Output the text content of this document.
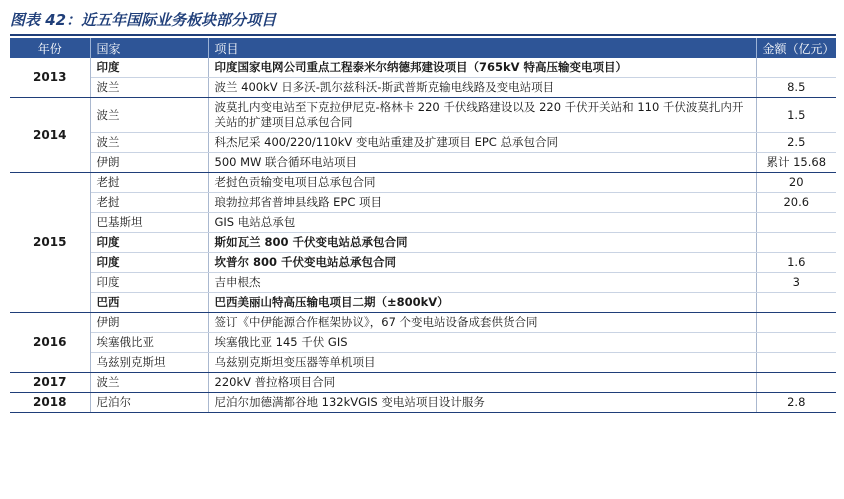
图表 42：近五年国际业务板块部分项目
年份	国家	项目	金额（亿元）
2013	印度	印度国家电网公司重点工程泰米尔纳德邦建设项目（765kV 特高压输变电项目）	
	波兰	波兰 400kV 日多沃-凯尔兹科沃-斯武普斯克输电线路及变电站项目	8.5
2014	波兰	波莫扎内变电站至下克拉伊尼克-格林卡 220 千伏线路建设以及 220 千伏开关站和 110 千伏波莫扎内开关站的扩建项目总承包合同	1.5
	波兰	科杰尼采 400/220/110kV 变电站重建及扩建项目 EPC 总承包合同	2.5
	伊朗	500 MW 联合循环电站项目	累计 15.68
2015	老挝	老挝色贡输变电项目总承包合同	20
	老挝	琅勃拉邦省普坤县线路 EPC 项目	20.6
	巴基斯坦	GIS 电站总承包	
	印度	斯如瓦兰 800 千伏变电站总承包合同	
	印度	坎普尔 800 千伏变电站总承包合同	1.6
	印度	吉申根杰	3
	巴西	巴西美丽山特高压输电项目二期（±800kV）	
2016	伊朗	签订《中伊能源合作框架协议》，67 个变电站设备成套供货合同	
	埃塞俄比亚	埃塞俄比亚 145 千伏 GIS	
	乌兹别克斯坦	乌兹别克斯坦变压器等单机项目	
2017	波兰	220kV 普拉格项目合同	
2018	尼泊尔	尼泊尔加德满都谷地 132kVGIS 变电站项目设计服务	2.8
